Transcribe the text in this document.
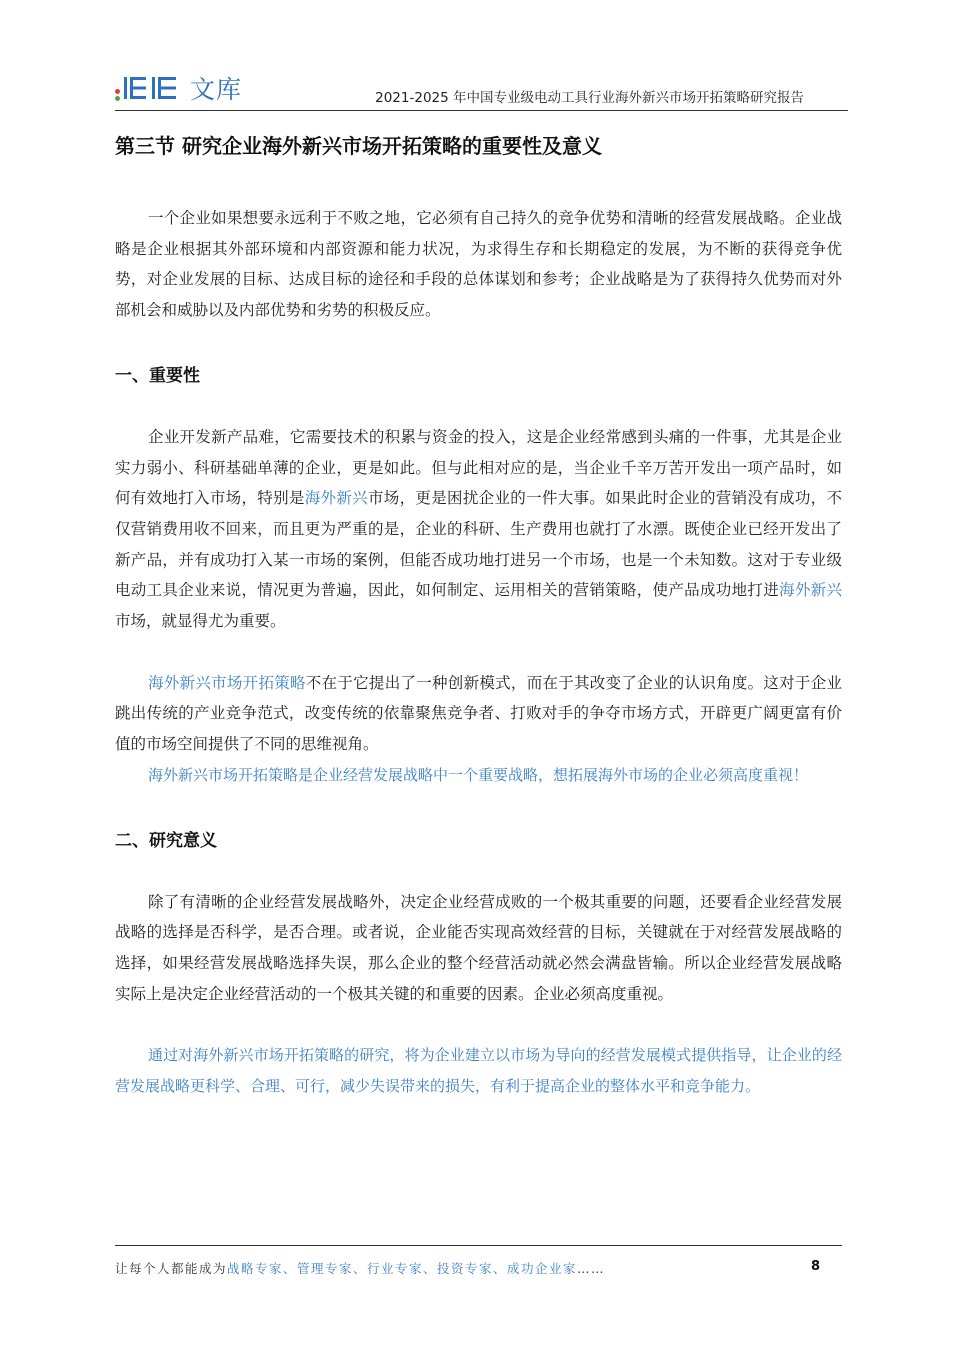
文库	2021-2025 年中国专业级电动工具行业海外新兴市场开拓策略研究报告
第三节 研究企业海外新兴市场开拓策略的重要性及意义

一个企业如果想要永远利于不败之地，它必须有自己持久的竞争优势和清晰的经营发展战略。企业战略是企业根据其外部环境和内部资源和能力状况，为求得生存和长期稳定的发展，为不断的获得竞争优势，对企业发展的目标、达成目标的途径和手段的总体谋划和参考；企业战略是为了获得持久优势而对外部机会和威胁以及内部优势和劣势的积极反应。

一、重要性

企业开发新产品难，它需要技术的积累与资金的投入，这是企业经常感到头痛的一件事，尤其是企业实力弱小、科研基础单薄的企业，更是如此。但与此相对应的是，当企业千辛万苦开发出一项产品时，如何有效地打入市场，特别是海外新兴市场，更是困扰企业的一件大事。如果此时企业的营销没有成功，不仅营销费用收不回来，而且更为严重的是，企业的科研、生产费用也就打了水漂。既使企业已经开发出了新产品，并有成功打入某一市场的案例，但能否成功地打进另一个市场，也是一个未知数。这对于专业级电动工具企业来说，情况更为普遍，因此，如何制定、运用相关的营销策略，使产品成功地打进海外新兴市场，就显得尤为重要。

海外新兴市场开拓策略不在于它提出了一种创新模式，而在于其改变了企业的认识角度。这对于企业跳出传统的产业竞争范式，改变传统的依靠聚焦竞争者、打败对手的争夺市场方式，开辟更广阔更富有价值的市场空间提供了不同的思维视角。

海外新兴市场开拓策略是企业经营发展战略中一个重要战略，想拓展海外市场的企业必须高度重视！

二、研究意义

除了有清晰的企业经营发展战略外，决定企业经营成败的一个极其重要的问题，还要看企业经营发展战略的选择是否科学，是否合理。或者说，企业能否实现高效经营的目标，关键就在于对经营发展战略的选择，如果经营发展战略选择失误，那么企业的整个经营活动就必然会满盘皆输。所以企业经营发展战略实际上是决定企业经营活动的一个极其关键的和重要的因素。企业必须高度重视。

通过对海外新兴市场开拓策略的研究，将为企业建立以市场为导向的经营发展模式提供指导，让企业的经营发展战略更科学、合理、可行，减少失误带来的损失，有利于提高企业的整体水平和竞争能力。

让每个人都能成为战略专家、管理专家、行业专家、投资专家、成功企业家……	8
